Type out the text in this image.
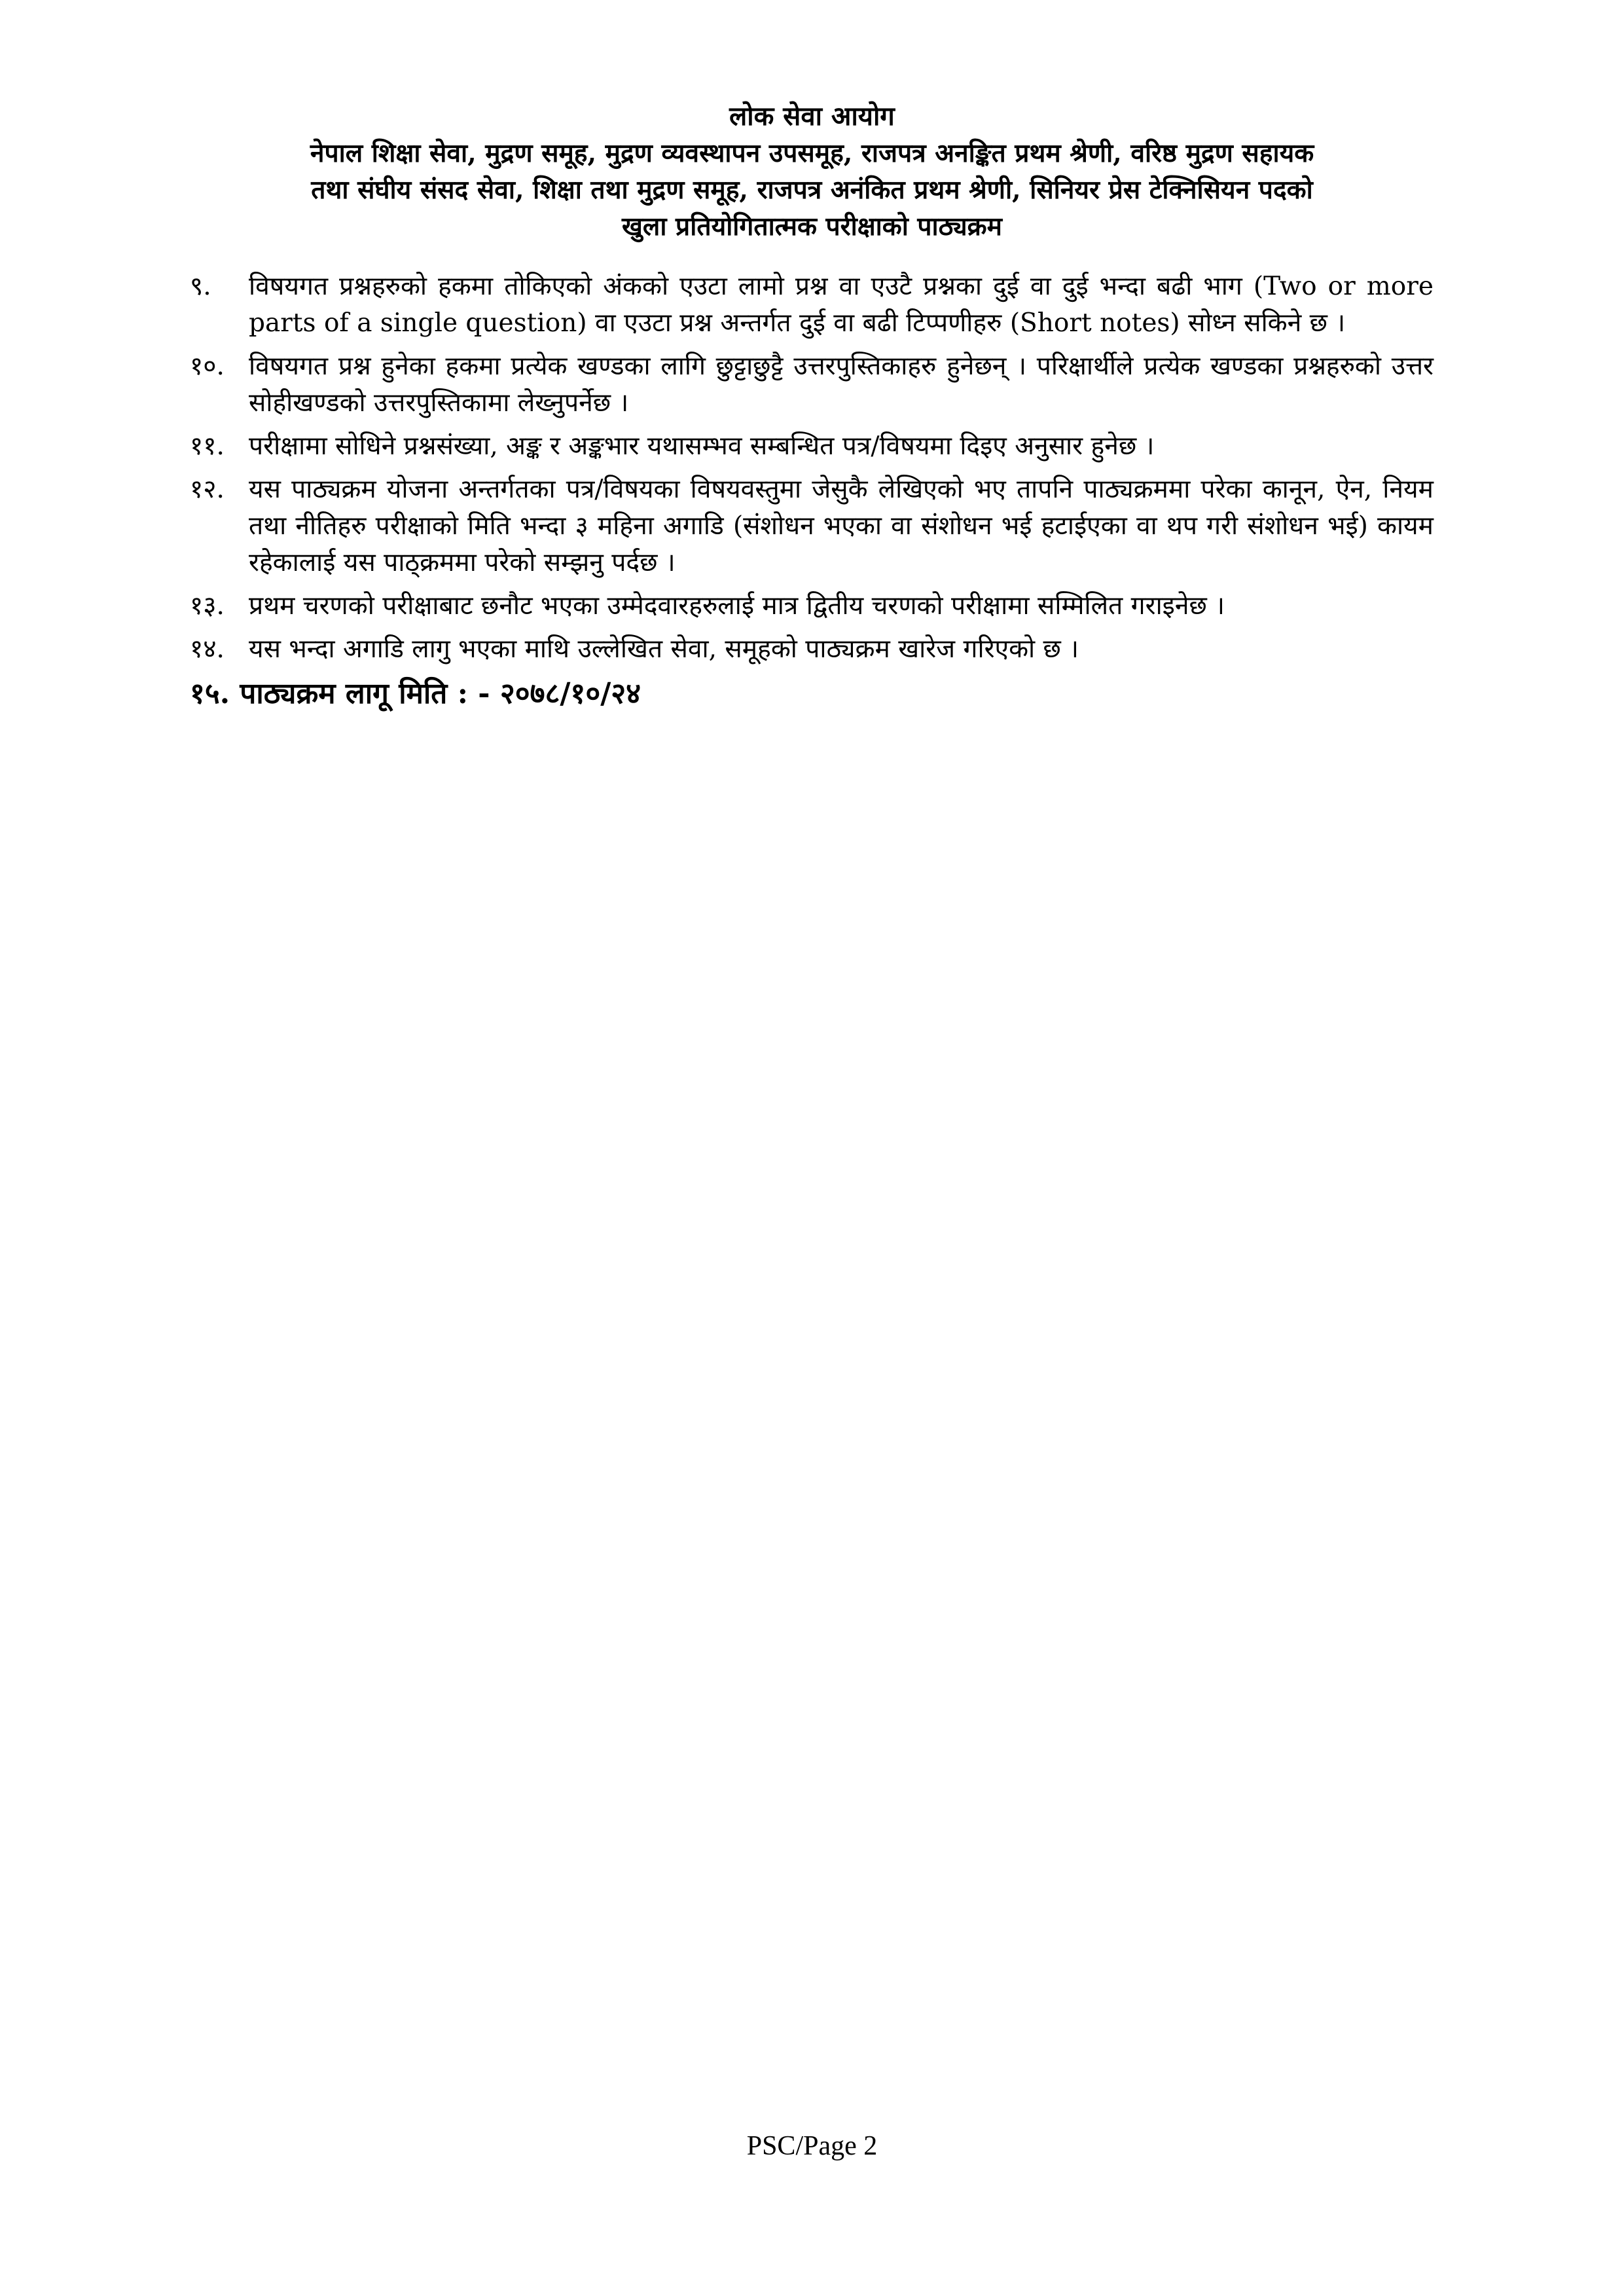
लोक सेवा आयोग

नेपाल शिक्षा सेवा, मुद्रण समूह, मुद्रण व्यवस्थापन उपसमूह, राजपत्र अनङ्कित प्रथम श्रेणी, वरिष्ठ मुद्रण सहायक

तथा संघीय संसद सेवा, शिक्षा तथा मुद्रण समूह, राजपत्र अनंकित प्रथम श्रेणी, सिनियर प्रेस टेक्निसियन पदको

खुला प्रतियोगितात्मक परीक्षाको पाठ्यक्रम

९.	विषयगत प्रश्नहरुको हकमा तोकिएको अंकको एउटा लामो प्रश्न वा एउटै प्रश्नका दुई वा दुई भन्दा बढी भाग (Two or more parts of a single question) वा एउटा प्रश्न अन्तर्गत दुई वा बढी टिप्पणीहरु (Short notes) सोध्न सकिने छ ।
१०. विषयगत प्रश्न हुनेका हकमा प्रत्येक खण्डका लागि छुट्टाछुट्टै उत्तरपुस्तिकाहरु हुनेछन् । परिक्षार्थीले प्रत्येक खण्डका प्रश्नहरुको उत्तर सोहीखण्डको उत्तरपुस्तिकामा लेख्नुपर्नेछ ।
११. परीक्षामा सोधिने प्रश्नसंख्या, अङ्क र अङ्कभार यथासम्भव सम्बन्धित पत्र/विषयमा दिइए अनुसार हुनेछ ।
१२. यस पाठ्यक्रम योजना अन्तर्गतका पत्र/विषयका विषयवस्तुमा जेसुकै लेखिएको भए तापनि पाठ्यक्रममा परेका कानून, ऐन, नियम तथा नीतिहरु परीक्षाको मिति भन्दा ३ महिना अगाडि (संशोधन भएका वा संशोधन भई हटाईएका वा थप गरी संशोधन भई) कायम रहेकालाई यस पाठ्क्रममा परेको सम्झनु पर्दछ ।
१३. प्रथम चरणको परीक्षाबाट छनौट भएका उम्मेदवारहरुलाई मात्र द्वितीय चरणको परीक्षामा सम्मिलित गराइनेछ ।
१४. यस भन्दा अगाडि लागु भएका माथि उल्लेखित सेवा, समूहको पाठ्यक्रम खारेज गरिएको छ ।
१५. पाठ्यक्रम लागू मिति : - २०७८/१०/२४
PSC/Page 2
